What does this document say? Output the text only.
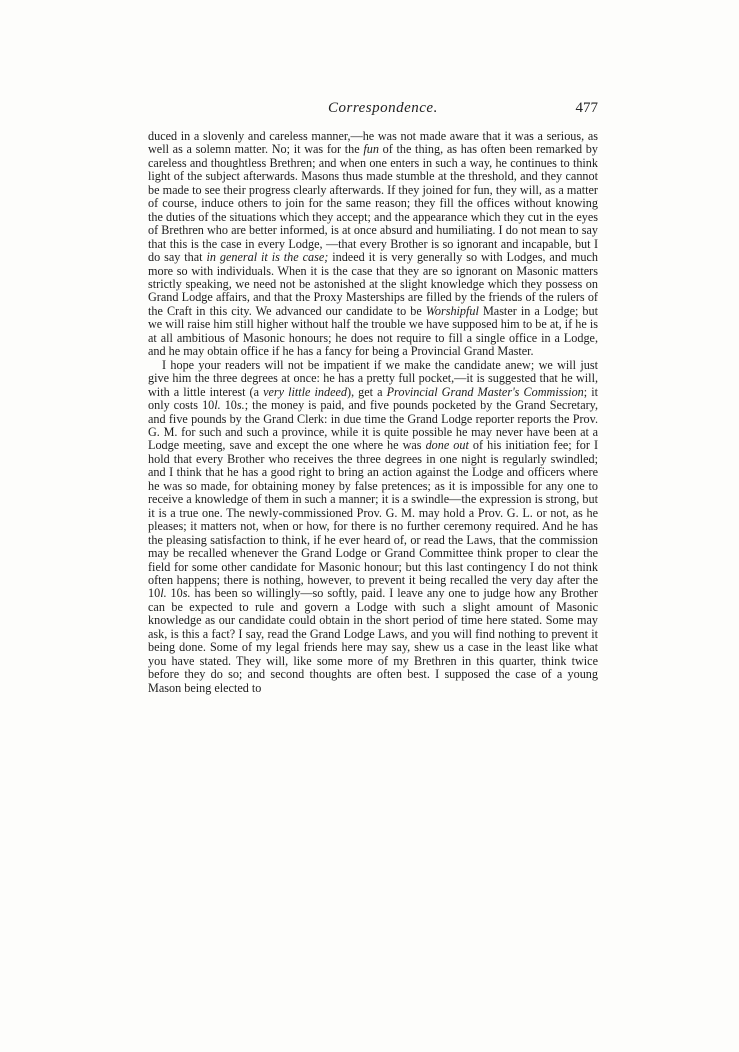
Correspondence.	477

duced in a slovenly and careless manner,—he was not made aware that it was a serious, as well as a solemn matter. No; it was for the fun of the thing, as has often been remarked by careless and thoughtless Brethren; and when one enters in such a way, he continues to think light of the subject afterwards. Masons thus made stumble at the threshold, and they cannot be made to see their progress clearly afterwards. If they joined for fun, they will, as a matter of course, induce others to join for the same reason; they fill the offices without knowing the duties of the situations which they accept; and the appearance which they cut in the eyes of Brethren who are better informed, is at once absurd and humiliating. I do not mean to say that this is the case in every Lodge, —that every Brother is so ignorant and incapable, but I do say that in general it is the case; indeed it is very generally so with Lodges, and much more so with individuals. When it is the case that they are so ignorant on Masonic matters strictly speaking, we need not be astonished at the slight knowledge which they possess on Grand Lodge affairs, and that the Proxy Masterships are filled by the friends of the rulers of the Craft in this city. We advanced our candidate to be Worshipful Master in a Lodge; but we will raise him still higher without half the trouble we have supposed him to be at, if he is at all ambitious of Masonic honours; he does not require to fill a single office in a Lodge, and he may obtain office if he has a fancy for being a Provincial Grand Master.

I hope your readers will not be impatient if we make the candidate anew; we will just give him the three degrees at once: he has a pretty full pocket,—it is suggested that he will, with a little interest (a very little indeed), get a Provincial Grand Master's Commission; it only costs 10l. 10s.; the money is paid, and five pounds pocketed by the Grand Secretary, and five pounds by the Grand Clerk: in due time the Grand Lodge reporter reports the Prov. G. M. for such and such a province, while it is quite possible he may never have been at a Lodge meeting, save and except the one where he was done out of his initiation fee; for I hold that every Brother who receives the three degrees in one night is regularly swindled; and I think that he has a good right to bring an action against the Lodge and officers where he was so made, for obtaining money by false pretences; as it is impossible for any one to receive a knowledge of them in such a manner; it is a swindle—the expression is strong, but it is a true one. The newly-commissioned Prov. G. M. may hold a Prov. G. L. or not, as he pleases; it matters not, when or how, for there is no further ceremony required. And he has the pleasing satisfaction to think, if he ever heard of, or read the Laws, that the commission may be recalled whenever the Grand Lodge or Grand Committee think proper to clear the field for some other candidate for Masonic honour; but this last contingency I do not think often happens; there is nothing, however, to prevent it being recalled the very day after the 10l. 10s. has been so willingly—so softly, paid. I leave any one to judge how any Brother can be expected to rule and govern a Lodge with such a slight amount of Masonic knowledge as our candidate could obtain in the short period of time here stated. Some may ask, is this a fact? I say, read the Grand Lodge Laws, and you will find nothing to prevent it being done. Some of my legal friends here may say, shew us a case in the least like what you have stated. They will, like some more of my Brethren in this quarter, think twice before they do so; and second thoughts are often best. I supposed the case of a young Mason being elected to
